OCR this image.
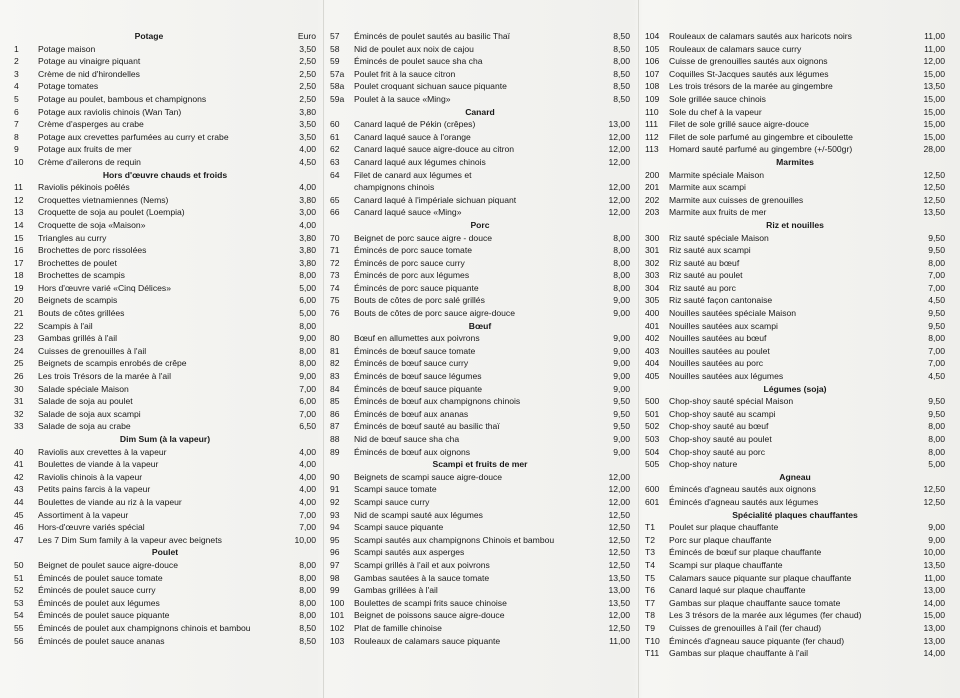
Potage	Euro
1	Potage maison	3,50
2	Potage au vinaigre piquant	2,50
3	Crème de nid d'hirondelles	2,50
4	Potage tomates	2,50
5	Potage au poulet, bambous et champignons	2,50
6	Potage aux raviolis chinois (Wan Tan)	3,80
7	Crème d'asperges au crabe	3,50
8	Potage aux crevettes parfumées au curry et crabe	3,50
9	Potage aux fruits de mer	4,00
10	Crème d'ailerons de requin	4,50
Hors d'œuvre chauds et froids
11	Raviolis pékinois poêlés	4,00
12	Croquettes vietnamiennes (Nems)	3,80
13	Croquette de soja au poulet (Loempia)	3,00
14	Croquette de soja «Maison»	4,00
15	Triangles au curry	3,80
16	Brochettes de porc rissolées	3,80
17	Brochettes de poulet	3,80
18	Brochettes de scampis	8,00
19	Hors d'œuvre varié «Cinq Délices»	5,00
20	Beignets de scampis	6,00
21	Bouts de côtes grillées	5,00
22	Scampis à l'ail	8,00
23	Gambas grillés à l'ail	9,00
24	Cuisses de grenouilles à l'ail	8,00
25	Beignets de scampis enrobés de crêpe	8,00
26	Les trois Trésors de la marée à l'ail	9,00
30	Salade spéciale Maison	7,00
31	Salade de soja au poulet	6,00
32	Salade de soja aux scampi	7,00
33	Salade de soja au crabe	6,50
Dim Sum (à la vapeur)
40	Raviolis aux crevettes à la vapeur	4,00
41	Boulettes de viande à la vapeur	4,00
42	Raviolis chinois à la vapeur	4,00
43	Petits pains farcis à la vapeur	4,00
44	Boulettes de viande au riz à la vapeur	4,00
45	Assortiment à la vapeur	7,00
46	Hors-d'œuvre variés spécial	7,00
47	Les 7 Dim Sum family à la vapeur avec beignets	10,00
Poulet
50	Beignet de poulet sauce aigre-douce	8,00
51	Émincés de poulet sauce tomate	8,00
52	Émincés de poulet sauce curry	8,00
53	Émincés de poulet aux légumes	8,00
54	Émincés de poulet sauce piquante	8,00
55	Émincés de poulet aux champignons chinois et bambou	8,50
56	Émincés de poulet sauce ananas	8,50
57	Émincés de poulet sautés au basilic Thaï	8,50
58	Nid de poulet aux noix de cajou	8,50
59	Émincés de poulet sauce sha cha	8,00
57a	Poulet frit à la sauce citron	8,50
58a	Poulet croquant sichuan sauce piquante	8,50
59a	Poulet à la sauce «Ming»	8,50
Canard
60	Canard laqué de Pékin (crêpes)	13,00
61	Canard laqué sauce à l'orange	12,00
62	Canard laqué sauce aigre-douce au citron	12,00
63	Canard laqué aux légumes chinois	12,00
64	Filet de canard aux légumes et
champignons chinois	12,00
65	Canard laqué à l'impériale sichuan piquant	12,00
66	Canard laqué sauce «Ming»	12,00
Porc
70	Beignet de porc sauce aigre - douce	8,00
71	Émincés de porc sauce tomate	8,00
72	Émincés de porc sauce curry	8,00
73	Émincés de porc aux légumes	8,00
74	Émincés de porc sauce piquante	8,00
75	Bouts de côtes de porc salé grillés	9,00
76	Bouts de côtes de porc sauce aigre-douce	9,00
Bœuf
80	Bœuf en allumettes aux poivrons	9,00
81	Émincés de bœuf sauce tomate	9,00
82	Émincés de bœuf sauce curry	9,00
83	Émincés de bœuf sauce légumes	9,00
84	Émincés de bœuf sauce piquante	9,00
85	Émincés de bœuf aux champignons chinois	9,50
86	Émincés de bœuf aux ananas	9,50
87	Émincés de bœuf sauté au basilic thaï	9,50
88	Nid de bœuf sauce sha cha	9,00
89	Émincés de bœuf aux oignons	9,00
Scampi et fruits de mer
90	Beignets de scampi sauce aigre-douce	12,00
91	Scampi sauce tomate	12,00
92	Scampi sauce curry	12,00
93	Nid de scampi sauté aux légumes	12,50
94	Scampi sauce piquante	12,50
95	Scampi sautés aux champignons Chinois et bambou	12,50
96	Scampi sautés aux asperges	12,50
97	Scampi grillés à l'ail et aux poivrons	12,50
98	Gambas sautées à la sauce tomate	13,50
99	Gambas grillées à l'ail	13,00
100	Boulettes de scampi frits sauce chinoise	13,50
101	Beignet de poissons sauce aigre-douce	12,00
102	Plat de famille chinoise	12,50
103	Rouleaux de calamars sauce piquante	11,00
104	Rouleaux de calamars sautés aux haricots noirs	11,00
105	Rouleaux de calamars sauce curry	11,00
106	Cuisse de grenouilles sautés aux oignons	12,00
107	Coquilles St-Jacques sautés aux légumes	15,00
108	Les trois trésors de la marée au gingembre	13,50
109	Sole grillée sauce chinois	15,00
110	Sole du chef à la vapeur	15,00
111	Filet de sole grillé sauce aigre-douce	15,00
112	Filet de sole parfumé au gingembre et ciboulette	15,00
113	Homard sauté parfumé au gingembre (+/-500gr)	28,00
Marmites
200	Marmite spéciale Maison	12,50
201	Marmite aux scampi	12,50
202	Marmite aux cuisses de grenouilles	12,50
203	Marmite aux fruits de mer	13,50
Riz et nouilles
300	Riz sauté spéciale Maison	9,50
301	Riz sauté aux scampi	9,50
302	Riz sauté au bœuf	8,00
303	Riz sauté au poulet	7,00
304	Riz sauté au porc	7,00
305	Riz sauté façon cantonaise	4,50
400	Nouilles sautées spéciale Maison	9,50
401	Nouilles sautées aux scampi	9,50
402	Nouilles sautées au bœuf	8,00
403	Nouilles sautées au poulet	7,00
404	Nouilles sautées au porc	7,00
405	Nouilles sautées aux légumes	4,50
Légumes (soja)
500	Chop-shoy sauté spécial Maison	9,50
501	Chop-shoy sauté au scampi	9,50
502	Chop-shoy sauté au bœuf	8,00
503	Chop-shoy sauté au poulet	8,00
504	Chop-shoy sauté au porc	8,00
505	Chop-shoy nature	5,00
Agneau
600	Émincés d'agneau sautés aux oignons	12,50
601	Émincés d'agneau sautés aux légumes	12,50
Spécialité plaques chauffantes
T1	Poulet sur plaque chauffante	9,00
T2	Porc sur plaque chauffante	9,00
T3	Émincés de bœuf sur plaque chauffante	10,00
T4	Scampi sur plaque chauffante	13,50
T5	Calamars sauce piquante sur plaque chauffante	11,00
T6	Canard laqué sur plaque chauffante	13,00
T7	Gambas sur plaque chauffante sauce tomate	14,00
T8	Les 3 trésors de la marée aux légumes (fer chaud)	15,00
T9	Cuisses de grenouilles à l'ail (fer chaud)	13,00
T10	Émincés d'agneau sauce piquante (fer chaud)	13,00
T11	Gambas sur plaque chauffante à l'ail	14,00
